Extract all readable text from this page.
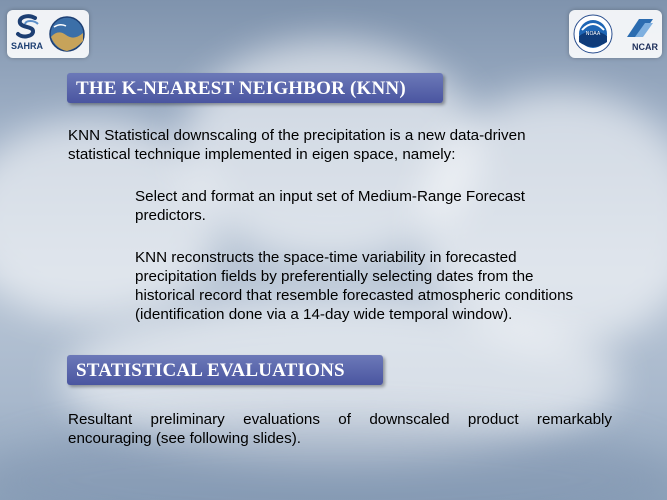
SAHRA
NOAA
NCAR
THE K-NEAREST NEIGHBOR (KNN)
KNN Statistical downscaling of the precipitation is a new data-driven
statistical technique implemented in eigen space, namely:
Select and format an input set of Medium-Range Forecast
predictors.
KNN reconstructs the space-time variability in forecasted
precipitation fields by preferentially selecting dates from the
historical record that resemble forecasted atmospheric conditions
(identification done via a 14-day wide temporal window).
STATISTICAL EVALUATIONS
Resultant preliminary evaluations of downscaled product remarkably encouraging (see following slides).
